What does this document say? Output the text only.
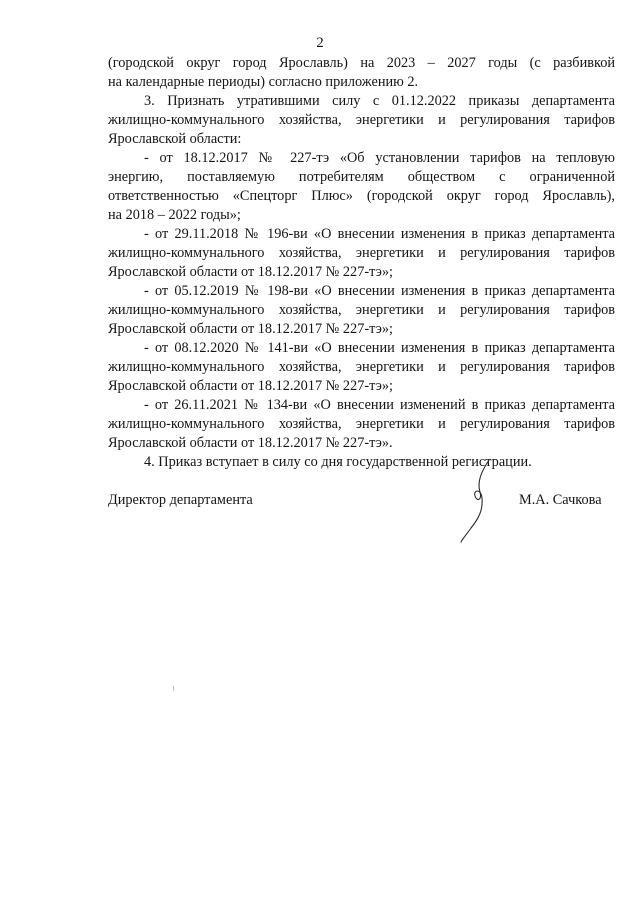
2
(городской округ город Ярославль) на 2023 – 2027 годы (с разбивкой
на календарные периоды) согласно приложению 2.
3. Признать утратившими силу с 01.12.2022 приказы департамента
жилищно-коммунального хозяйства, энергетики и регулирования тарифов
Ярославской области:
- от 18.12.2017 № 227-тэ «Об установлении тарифов на тепловую
энергию, поставляемую потребителям обществом с ограниченной
ответственностью «Спецторг Плюс» (городской округ город Ярославль),
на 2018 – 2022 годы»;
- от 29.11.2018 № 196-ви «О внесении изменения в приказ департамента
жилищно-коммунального хозяйства, энергетики и регулирования тарифов
Ярославской области от 18.12.2017 № 227-тэ»;
- от 05.12.2019 № 198-ви «О внесении изменения в приказ департамента
жилищно-коммунального хозяйства, энергетики и регулирования тарифов
Ярославской области от 18.12.2017 № 227-тэ»;
- от 08.12.2020 № 141-ви «О внесении изменения в приказ департамента
жилищно-коммунального хозяйства, энергетики и регулирования тарифов
Ярославской области от 18.12.2017 № 227-тэ»;
- от 26.11.2021 № 134-ви «О внесении изменений в приказ департамента
жилищно-коммунального хозяйства, энергетики и регулирования тарифов
Ярославской области от 18.12.2017 № 227-тэ».
4. Приказ вступает в силу со дня государственной регистрации.
Директор департамента	М.А. Сачкова
